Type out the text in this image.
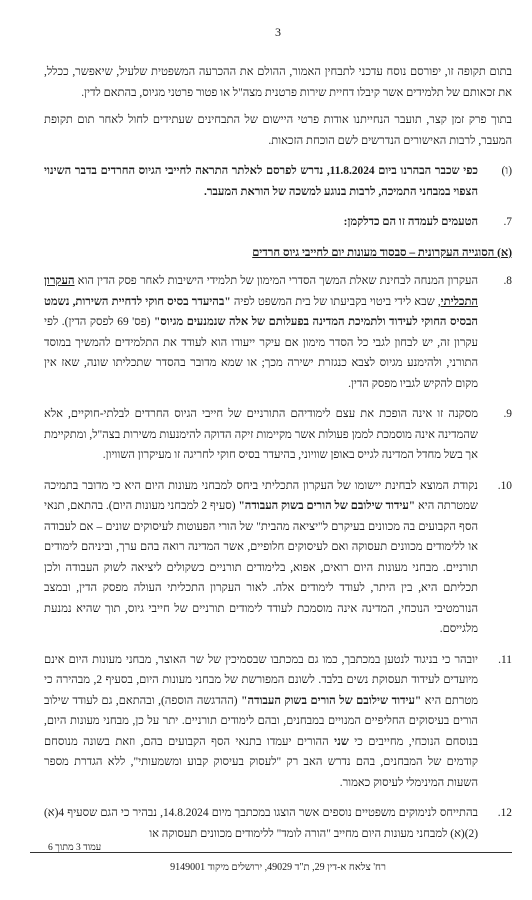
3

בתום תקופה זו, יפורסם נוסח עדכני לתבחין האמור, ההולם את ההכרעה המשפטית שלעיל, שיאפשר, ככלל, את זכאותם של תלמידים אשר קיבלו דחיית שירות פרטנית מצה"ל או פטור פרטני מגיוס, בהתאם לדין.

בתוך פרק זמן קצר, תועבר הנחייתנו אודות פרטי היישום של התבחינים שעתידים לחול לאחר תום תקופת המעבר, לרבות האישורים הנדרשים לשם הוכחת הזכאות.

(ו)
כפי שכבר הבהרנו ביום 11.8.2024, נדרש לפרסם לאלתר התראה לחייבי הגיוס החרדים בדבר השינוי הצפוי במבחני התמיכה, לרבות בנוגע למשכה של הוראת המעבר.
7.
הטעמים לעמדה זו הם כדלקמן:
(א) הסוגייה העקרונית – סבסוד מעונות יום לחייבי גיוס חרדים
8.
העקרון המנחה לבחינת שאלת המשך הסדרי המימון של תלמידי הישיבות לאחר פסק הדין הוא העקרון התכליתי, שבא לידי ביטוי בקביעתו של בית המשפט לפיה "בהיעדר בסיס חוקי לדחיית השירות, נשמט הבסיס החוקי לעידוד ולתמיכת המדינה בפעלותם של אלה שנמנעים מגיוס" (פס' 69 לפסק הדין). לפי עקרון זה, יש לבחון לגבי כל הסדר מימון אם עיקר ייעודו הוא לעודד את התלמידים להמשיך במוסד התורני, ולהימנע מגיוס לצבא כנגזרת ישירה מכך; או שמא מדובר בהסדר שתכליתו שונה, שאז אין מקום להקיש לגביו מפסק הדין.
9.
מסקנה זו אינה הופכת את עצם לימודיהם התורניים של חייבי הגיוס החרדים לבלתי-חוקיים, אלא שהמדינה אינה מוסמכת לממן פעולות אשר מקיימות זיקה הדוקה להימנעות משירות בצה"ל, ומתקיימת אך בשל מחדל המדינה לגייס באופן שוויוני, בהיעדר בסיס חוקי לחריגה זו מעיקרון השוויון.
10.
נקודת המוצא לבחינת יישומו של העקרון התכליתי ביחס למבחני מעונות היום היא כי מדובר בתמיכה שמטרתה היא "עידוד שילובם של הורים בשוק העבודה" (סעיף 2 למבחני מעונות היום). בהתאם, תנאי הסף הקבועים בה מכוונים בעיקרם ל"יציאה מהבית" של הורי הפעוטות לעיסוקים שונים – אם לעבודה או ללימודים מכוונים תעסוקה ואם לעיסוקים חלופיים, אשר המדינה רואה בהם ערך, וביניהם לימודים תורניים. מבחני מעונות היום רואים, אפוא, בלימודים תורניים כשקולים ליציאה לשוק העבודה ולכן תכליתם היא, בין היתר, לעודד לימודים אלה. לאור העקרון התכליתי העולה מפסק הדין, ובמצב הנורמטיבי הנוכחי, המדינה אינה מוסמכת לעודד לימודים תורניים של חייבי גיוס, תוך שהיא נמנעת מלגייסם.
11.
יובהר כי בניגוד לנטען במכתבך, כמו גם במכתבו שבסמיכין של שר האוצר, מבחני מעונות היום אינם מיועדים לעידוד תעסוקת נשים בלבד. לשונם המפורשת של מבחני מעונות היום, בסעיף 2, מבהירה כי מטרתם היא "עידוד שילובם של הורים בשוק העבודה" (ההדגשה הוספה), ובהתאם, גם לעודד שילוב הורים בעיסוקים החליפיים המנויים במבחנים, ובהם לימודים תורניים. יתר על כן, מבחני מעונות היום, בנוסחם הנוכחי, מחייבים כי שני ההורים יעמדו בתנאי הסף הקבועים בהם, וזאת בשונה מנוסחם קודמים של המבחנים, בהם נדרש האב רק "לעסוק בעיסוק קבוע ומשמעותי", ללא הגדרת מספר השעות המינימלי לעיסוק כאמור.
12.
בהתייחס לנימוקים משפטיים נוספים אשר הוצגו במכתבך מיום 14.8.2024, נבהיר כי הגם שסעיף 4(א)(2)(א) למבחני מעונות היום מחייב "הורה לומד" ללימודים מכוונים תעסוקה או
עמוד 3 מתוך 6
רח' צלאח א-דין 29, ת"ד 49029, ירושלים מיקוד 9149001
